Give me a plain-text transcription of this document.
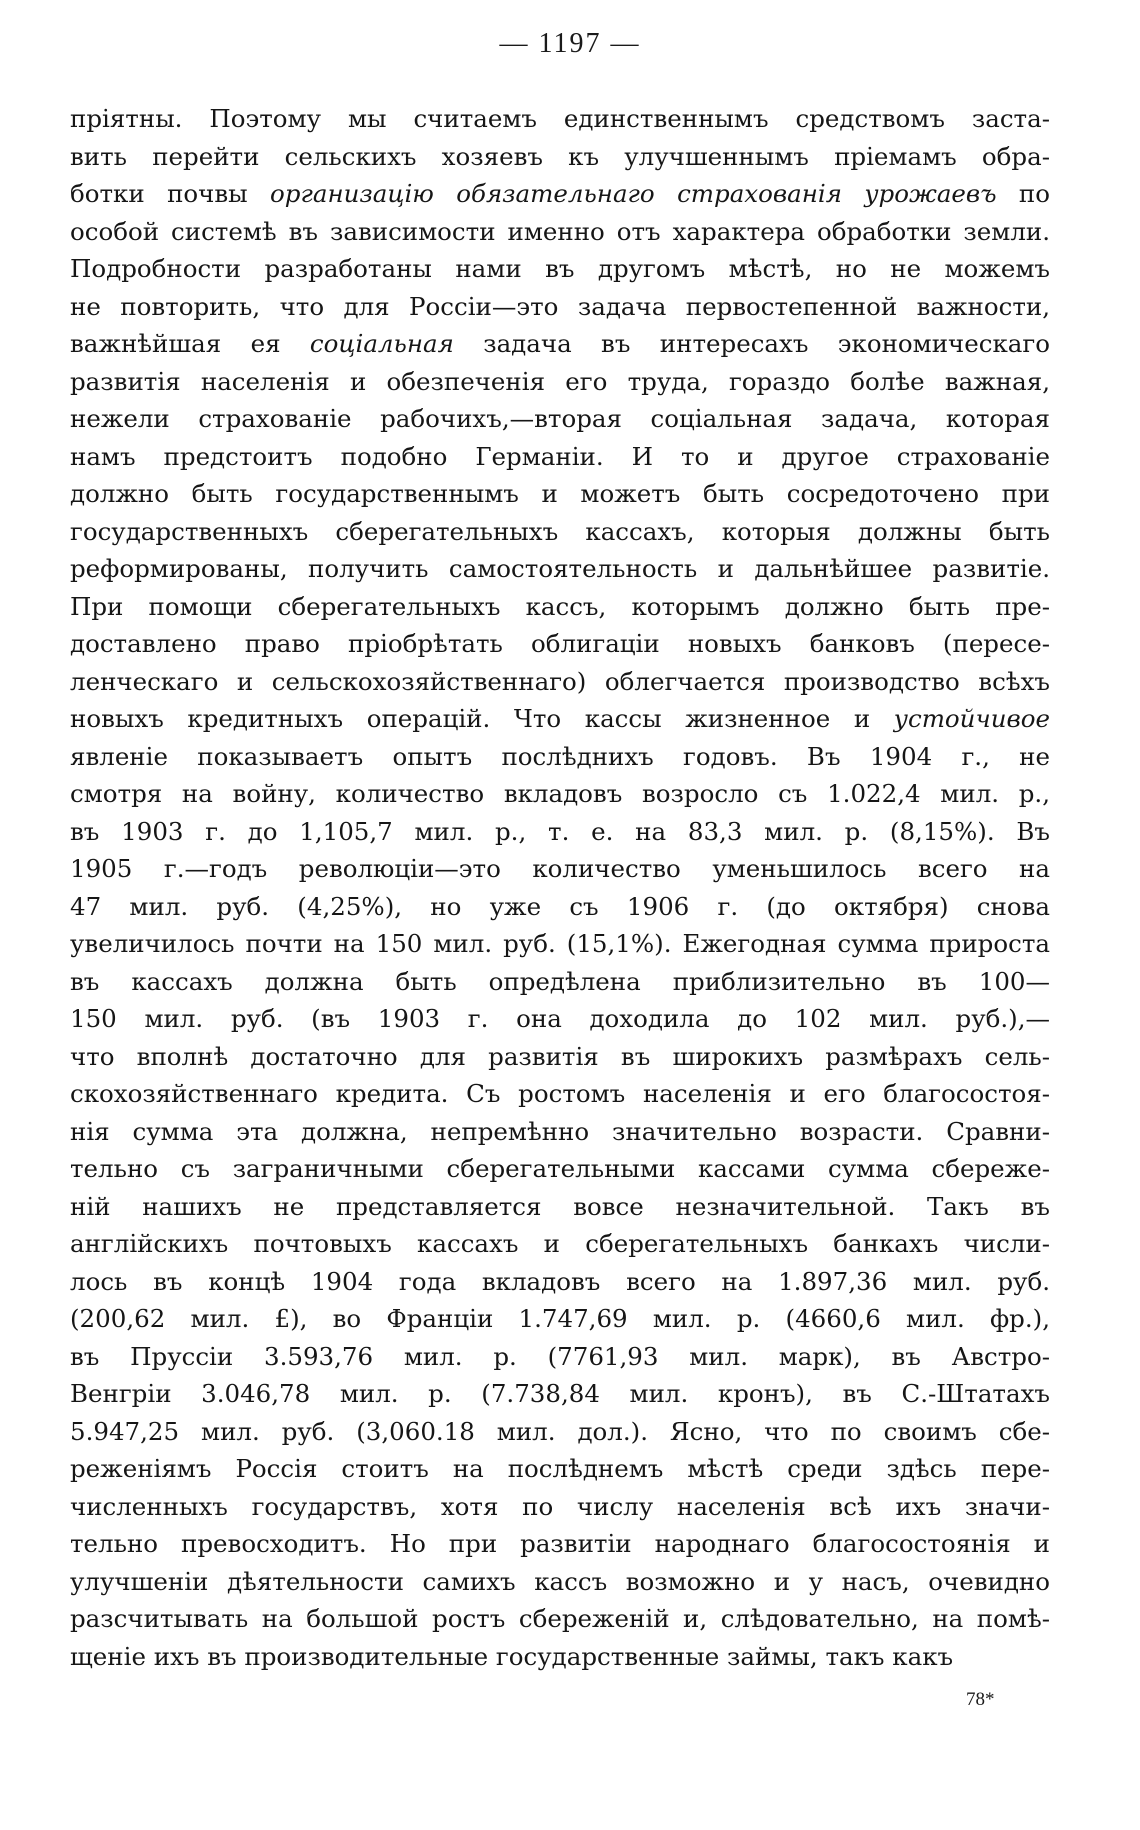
— 1197 —
пріятны. Поэтому мы считаемъ единственнымъ средствомъ заста-
вить перейти сельскихъ хозяевъ къ улучшеннымъ пріемамъ обра-
ботки почвы организацію обязательнаго страхованія урожаевъ по
особой системѣ въ зависимости именно отъ характера обработки земли.
Подробности разработаны нами въ другомъ мѣстѣ, но не можемъ
не повторить, что для Россіи—это задача первостепенной важности,
важнѣйшая ея соціальная задача въ интересахъ экономическаго
развитія населенія и обезпеченія его труда, гораздо болѣе важная,
нежели страхованіе рабочихъ,—вторая соціальная задача, которая
намъ предстоитъ подобно Германіи. И то и другое страхованіе
должно быть государственнымъ и можетъ быть сосредоточено при
государственныхъ сберегательныхъ кассахъ, которыя должны быть
реформированы, получить самостоятельность и дальнѣйшее развитіе.
При помощи сберегательныхъ кассъ, которымъ должно быть пре-
доставлено право пріобрѣтать облигаціи новыхъ банковъ (пересе-
ленческаго и сельскохозяйственнаго) облегчается производство всѣхъ
новыхъ кредитныхъ операцій. Что кассы жизненное и устойчивое
явленіе показываетъ опытъ послѣднихъ годовъ. Въ 1904 г., не
смотря на войну, количество вкладовъ возросло съ 1.022,4 мил. р.,
въ 1903 г. до 1,105,7 мил. р., т. е. на 83,3 мил. р. (8,15%). Въ
1905 г.—годъ революціи—это количество уменьшилось всего на
47 мил. руб. (4,25%), но уже съ 1906 г. (до октября) снова
увеличилось почти на 150 мил. руб. (15,1%). Ежегодная сумма прироста
въ кассахъ должна быть опредѣлена приблизительно въ 100—
150 мил. руб. (въ 1903 г. она доходила до 102 мил. руб.),—
что вполнѣ достаточно для развитія въ широкихъ размѣрахъ сель-
скохозяйственнаго кредита. Съ ростомъ населенія и его благосостоя-
нія сумма эта должна, непремѣнно значительно возрасти. Сравни-
тельно съ заграничными сберегательными кассами сумма сбереже-
ній нашихъ не представляется вовсе незначительной. Такъ въ
англійскихъ почтовыхъ кассахъ и сберегательныхъ банкахъ числи-
лось въ концѣ 1904 года вкладовъ всего на 1.897,36 мил. руб.
(200,62 мил. £), во Франціи 1.747,69 мил. р. (4660,6 мил. фр.),
въ Пруссіи 3.593,76 мил. р. (7761,93 мил. марк), въ Австро-
Венгріи 3.046,78 мил. р. (7.738,84 мил. кронъ), въ С.-Штатахъ
5.947,25 мил. руб. (3,060.18 мил. дол.). Ясно, что по своимъ сбе-
реженіямъ Россія стоитъ на послѣднемъ мѣстѣ среди здѣсь пере-
численныхъ государствъ, хотя по числу населенія всѣ ихъ значи-
тельно превосходитъ. Но при развитіи народнаго благосостоянія и
улучшеніи дѣятельности самихъ кассъ возможно и у насъ, очевидно
разсчитывать на большой ростъ сбереженій и, слѣдовательно, на помѣ-
щеніе ихъ въ производительные государственные займы, такъ какъ
78*
